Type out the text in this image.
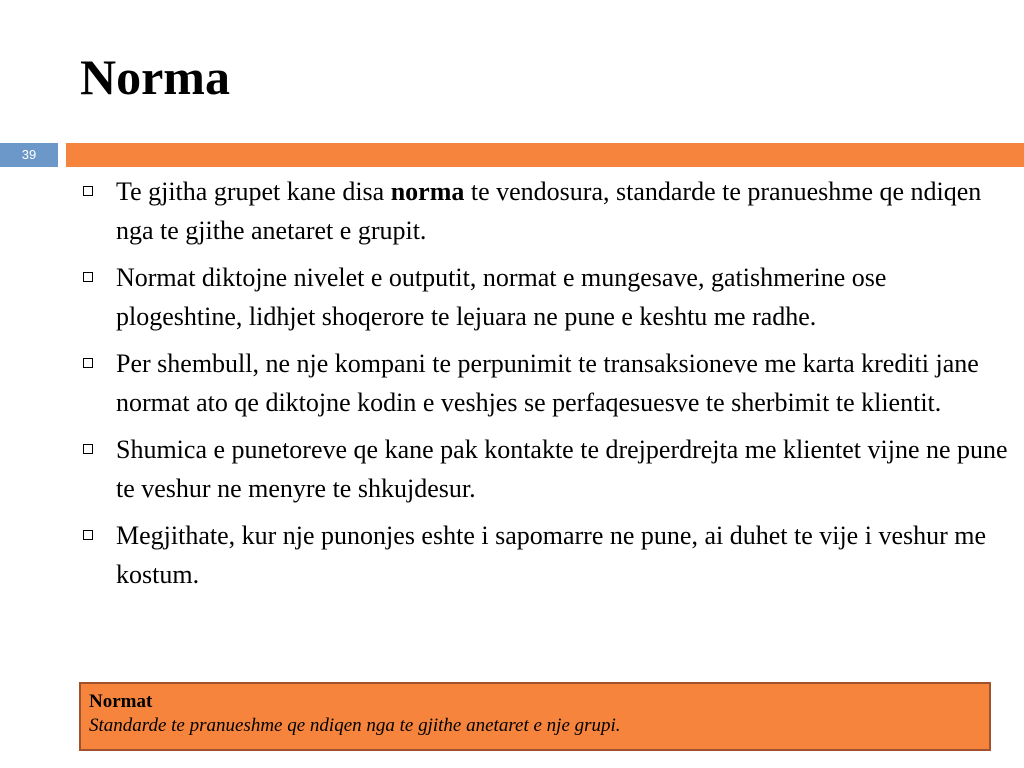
Norma
39
Te gjitha grupet kane disa norma te vendosura, standarde te pranueshme qe ndiqen nga te gjithe anetaret e grupit.
Normat diktojne nivelet e outputit, normat e mungesave, gatishmerine ose plogeshtine, lidhjet shoqerore te lejuara ne pune e keshtu me radhe.
Per shembull, ne nje kompani te perpunimit te transaksioneve me karta krediti jane normat ato qe diktojne kodin e veshjes se perfaqesuesve te sherbimit te klientit.
Shumica e punetoreve qe kane pak kontakte te drejperdrejta me klientet vijne ne pune te veshur ne menyre te shkujdesur.
Megjithate, kur nje punonjes eshte i sapomarre ne pune, ai duhet te vije i veshur me kostum.
Normat
Standarde te pranueshme qe ndiqen nga te gjithe anetaret e nje grupi.
